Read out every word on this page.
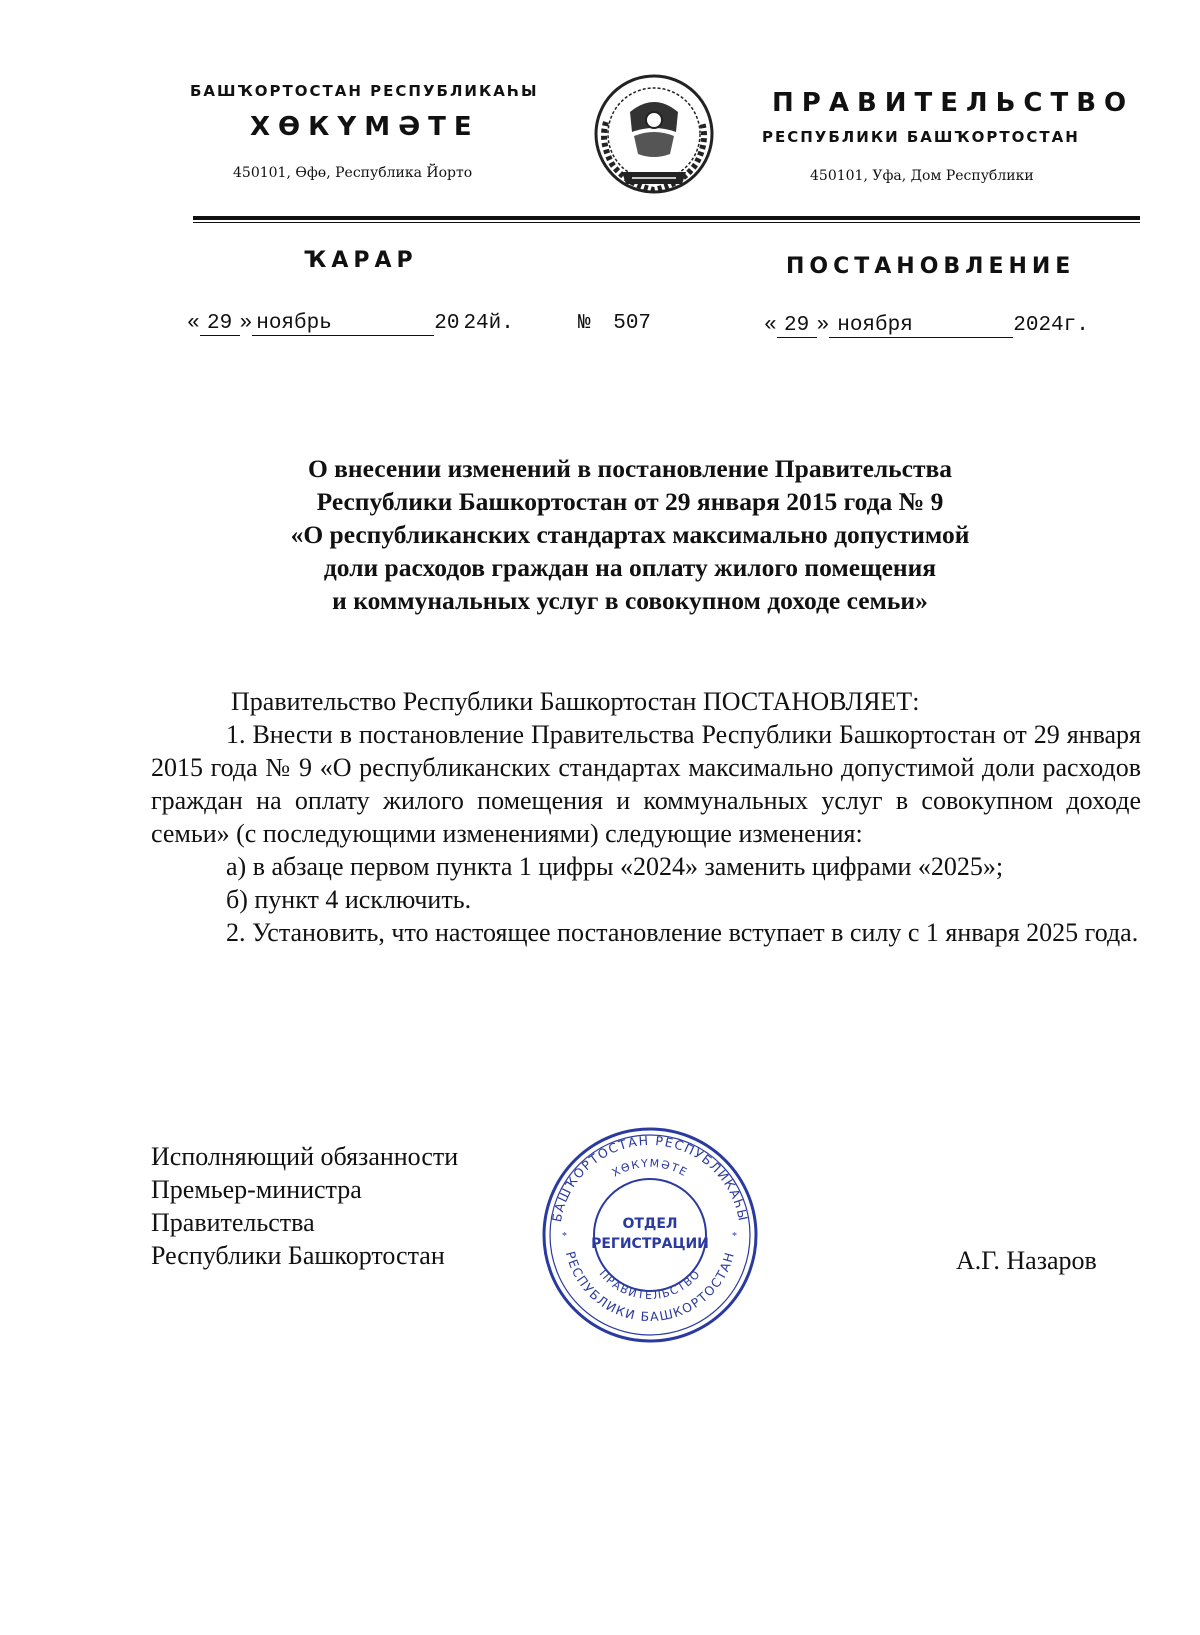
БАШҠОРТОСТАН РЕСПУБЛИКАҺЫ
ХӨКҮМӘТЕ
450101, Өфө, Республика Йорто
ПРАВИТЕЛЬСТВО
РЕСПУБЛИКИ БАШҠОРТОСТАН
450101, Уфа, Дом Республики
ҠАРАР	ПОСТАНОВЛЕНИЕ
« 29 » ноябрь	20 24й.	№ 507	« 29 » ноября	2024г.
О внесении изменений в постановление Правительства
Республики Башкортостан от 29 января 2015 года № 9
«О республиканских стандартах максимально допустимой
доли расходов граждан на оплату жилого помещения
и коммунальных услуг в совокупном доходе семьи»

Правительство Республики Башкортостан ПОСТАНОВЛЯЕТ:

1. Внести в постановление Правительства Республики Башкортостан от 29 января 2015 года № 9 «О республиканских стандартах максимально допустимой доли расходов граждан на оплату жилого помещения и коммунальных услуг в совокупном доходе семьи» (с последующими изменениями) следующие изменения:

а) в абзаце первом пункта 1 цифры «2024» заменить цифрами «2025»;

б) пункт 4 исключить.

2. Установить, что настоящее постановление вступает в силу с 1 января 2025 года.

Исполняющий обязанности
Премьер-министра
Правительства
Республики Башкортостан	А.Г. Назаров
БАШҠОРТОСТАН РЕСПУБЛИКАҺЫ
РЕСПУБЛИКИ БАШКОРТОСТАН
ХӨКҮМӘТЕ
ПРАВИТЕЛЬСТВО
*	*
ОТДЕЛ
РЕГИСТРАЦИИ
